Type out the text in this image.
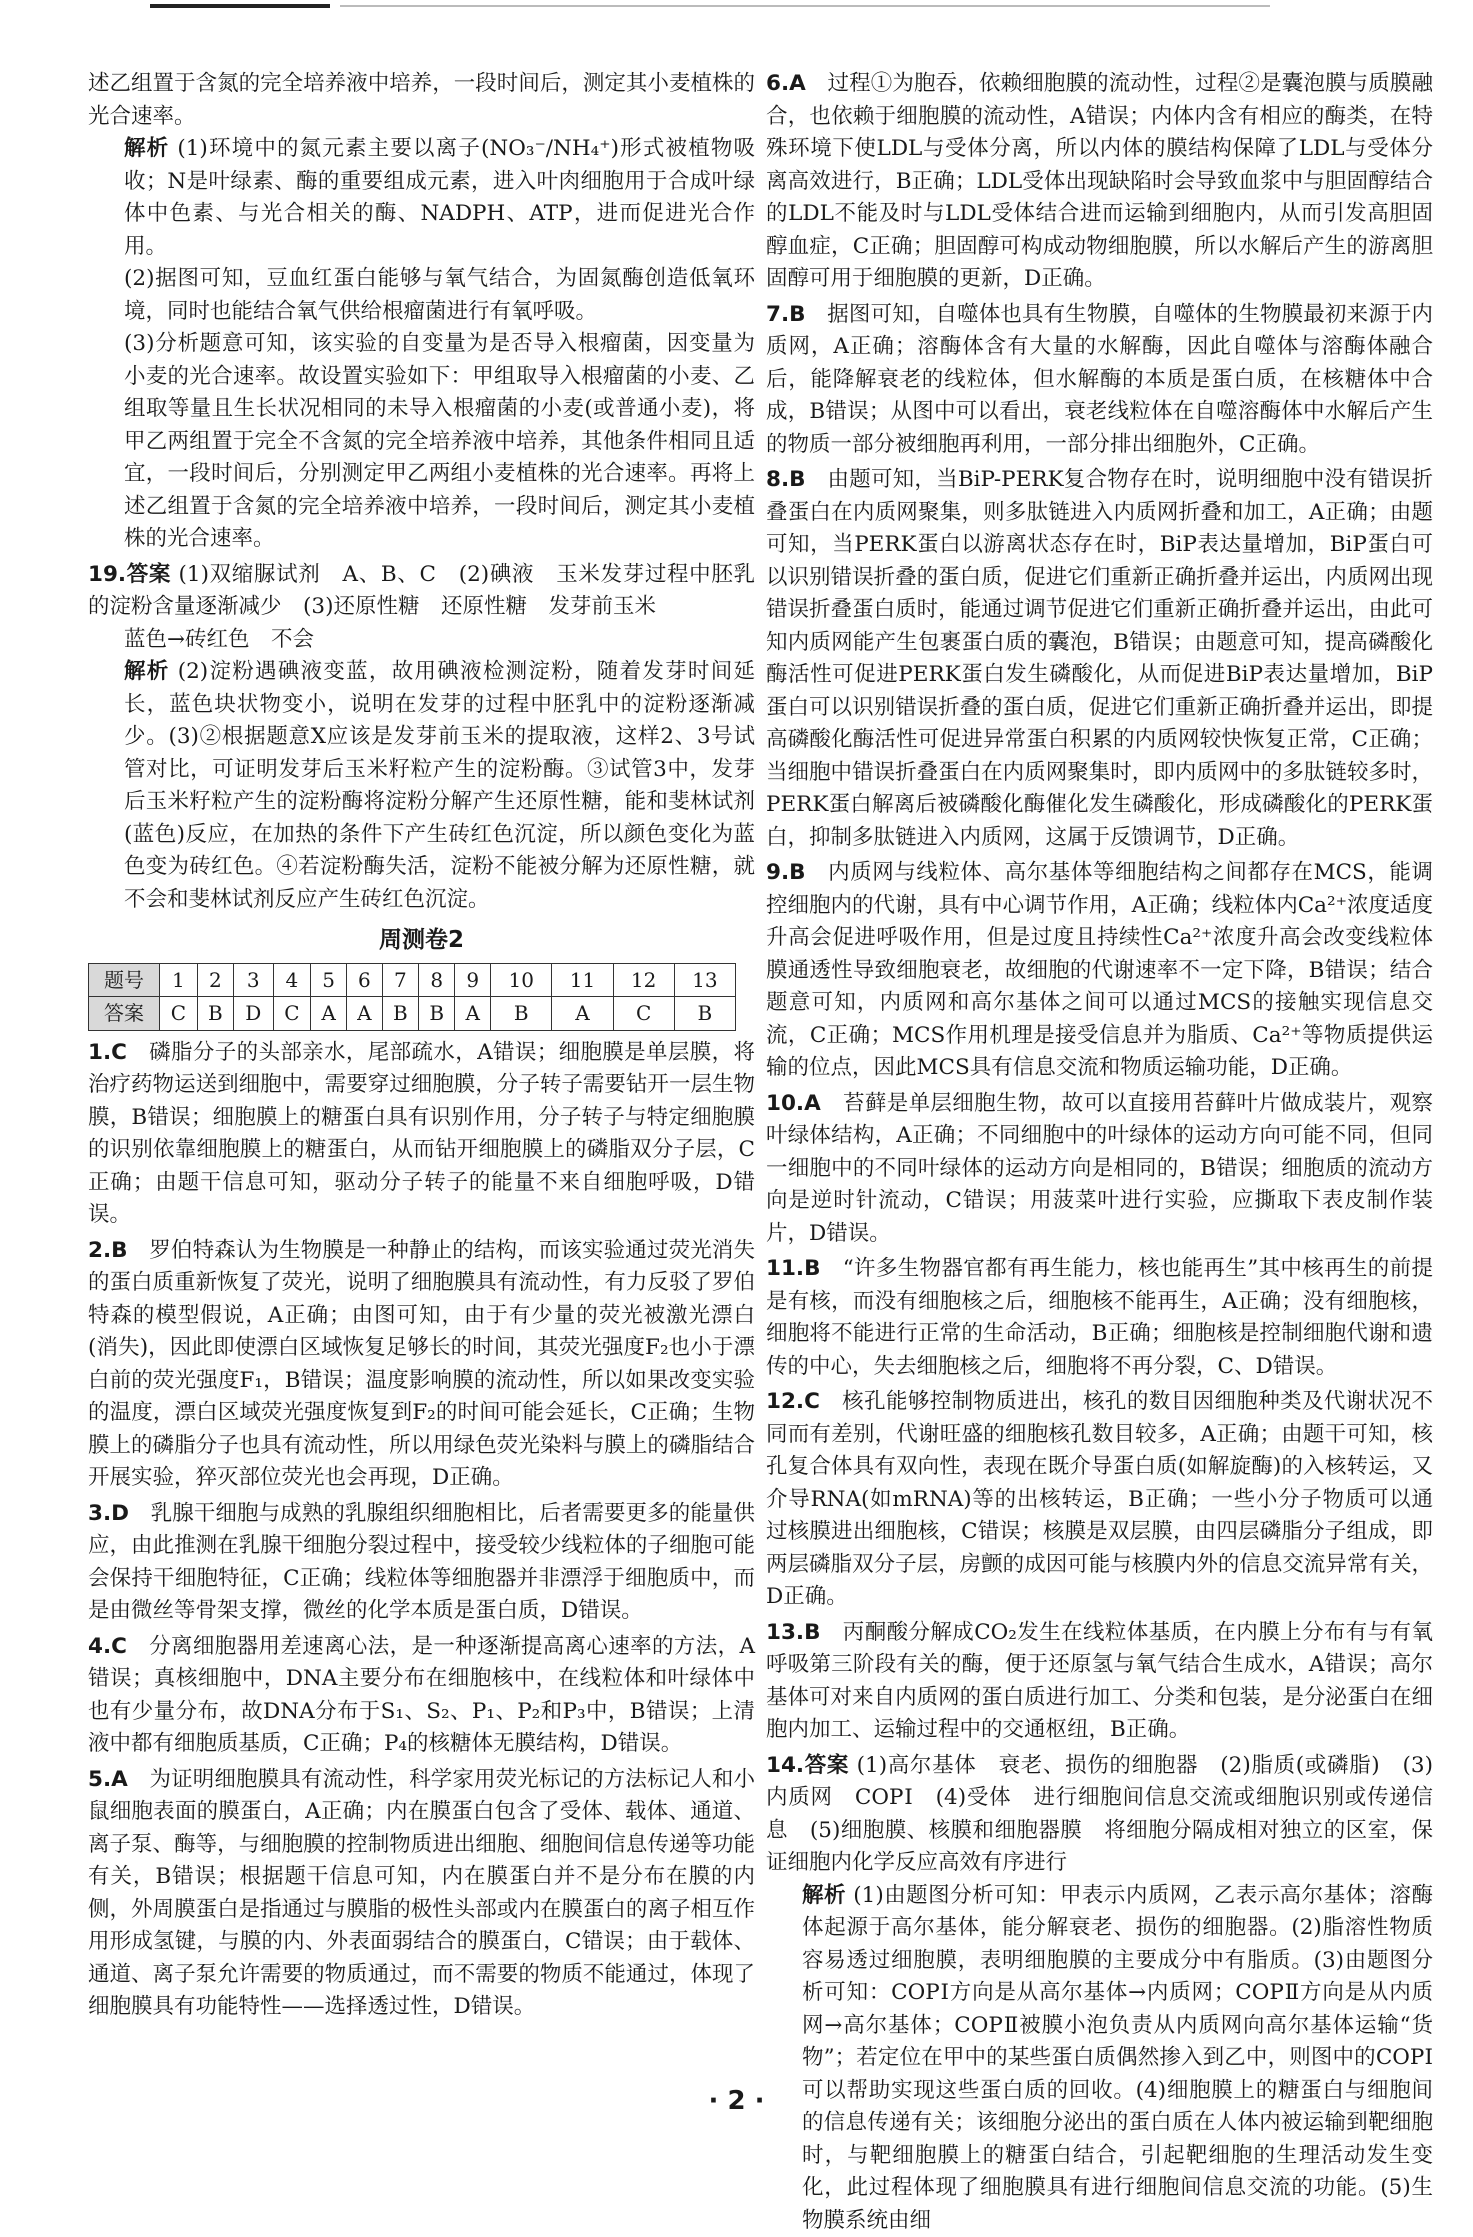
述乙组置于含氮的完全培养液中培养，一段时间后，测定其小麦植株的光合速率。

解析 (1)环境中的氮元素主要以离子(NO₃⁻/NH₄⁺)形式被植物吸收；N是叶绿素、酶的重要组成元素，进入叶肉细胞用于合成叶绿体中色素、与光合相关的酶、NADPH、ATP，进而促进光合作用。

(2)据图可知，豆血红蛋白能够与氧气结合，为固氮酶创造低氧环境，同时也能结合氧气供给根瘤菌进行有氧呼吸。

(3)分析题意可知，该实验的自变量为是否导入根瘤菌，因变量为小麦的光合速率。故设置实验如下：甲组取导入根瘤菌的小麦、乙组取等量且生长状况相同的未导入根瘤菌的小麦(或普通小麦)，将甲乙两组置于完全不含氮的完全培养液中培养，其他条件相同且适宜，一段时间后，分别测定甲乙两组小麦植株的光合速率。再将上述乙组置于含氮的完全培养液中培养，一段时间后，测定其小麦植株的光合速率。

19.答案 (1)双缩脲试剂　A、B、C　(2)碘液　玉米发芽过程中胚乳的淀粉含量逐渐减少　(3)还原性糖　还原性糖　发芽前玉米

蓝色→砖红色　不会

解析 (2)淀粉遇碘液变蓝，故用碘液检测淀粉，随着发芽时间延长，蓝色块状物变小，说明在发芽的过程中胚乳中的淀粉逐渐减少。(3)②根据题意X应该是发芽前玉米的提取液，这样2、3号试管对比，可证明发芽后玉米籽粒产生的淀粉酶。③试管3中，发芽后玉米籽粒产生的淀粉酶将淀粉分解产生还原性糖，能和斐林试剂(蓝色)反应，在加热的条件下产生砖红色沉淀，所以颜色变化为蓝色变为砖红色。④若淀粉酶失活，淀粉不能被分解为还原性糖，就不会和斐林试剂反应产生砖红色沉淀。

周测卷2
题号	1	2	3	4	5	6	7	8	9	10	11	12	13
答案	C	B	D	C	A	A	B	B	A	B	A	C	B

1.C　 磷脂分子的头部亲水，尾部疏水，A错误；细胞膜是单层膜，将治疗药物运送到细胞中，需要穿过细胞膜，分子转子需要钻开一层生物膜，B错误；细胞膜上的糖蛋白具有识别作用，分子转子与特定细胞膜的识别依靠细胞膜上的糖蛋白，从而钻开细胞膜上的磷脂双分子层，C正确；由题干信息可知，驱动分子转子的能量不来自细胞呼吸，D错误。

2.B　 罗伯特森认为生物膜是一种静止的结构，而该实验通过荧光消失的蛋白质重新恢复了荧光，说明了细胞膜具有流动性，有力反驳了罗伯特森的模型假说，A正确；由图可知，由于有少量的荧光被激光漂白(消失)，因此即使漂白区域恢复足够长的时间，其荧光强度F₂也小于漂白前的荧光强度F₁，B错误；温度影响膜的流动性，所以如果改变实验的温度，漂白区域荧光强度恢复到F₂的时间可能会延长，C正确；生物膜上的磷脂分子也具有流动性，所以用绿色荧光染料与膜上的磷脂结合开展实验，猝灭部位荧光也会再现，D正确。

3.D　 乳腺干细胞与成熟的乳腺组织细胞相比，后者需要更多的能量供应，由此推测在乳腺干细胞分裂过程中，接受较少线粒体的子细胞可能会保持干细胞特征，C正确；线粒体等细胞器并非漂浮于细胞质中，而是由微丝等骨架支撑，微丝的化学本质是蛋白质，D错误。

4.C　 分离细胞器用差速离心法，是一种逐渐提高离心速率的方法，A错误；真核细胞中，DNA主要分布在细胞核中，在线粒体和叶绿体中也有少量分布，故DNA分布于S₁、S₂、P₁、P₂和P₃中，B错误；上清液中都有细胞质基质，C正确；P₄的核糖体无膜结构，D错误。

5.A　 为证明细胞膜具有流动性，科学家用荧光标记的方法标记人和小鼠细胞表面的膜蛋白，A正确；内在膜蛋白包含了受体、载体、通道、离子泵、酶等，与细胞膜的控制物质进出细胞、细胞间信息传递等功能有关，B错误；根据题干信息可知，内在膜蛋白并不是分布在膜的内侧，外周膜蛋白是指通过与膜脂的极性头部或内在膜蛋白的离子相互作用形成氢键，与膜的内、外表面弱结合的膜蛋白，C错误；由于载体、通道、离子泵允许需要的物质通过，而不需要的物质不能通过，体现了细胞膜具有功能特性——选择透过性，D错误。

6.A　 过程①为胞吞，依赖细胞膜的流动性，过程②是囊泡膜与质膜融合，也依赖于细胞膜的流动性，A错误；内体内含有相应的酶类，在特殊环境下使LDL与受体分离，所以内体的膜结构保障了LDL与受体分离高效进行，B正确；LDL受体出现缺陷时会导致血浆中与胆固醇结合的LDL不能及时与LDL受体结合进而运输到细胞内，从而引发高胆固醇血症，C正确；胆固醇可构成动物细胞膜，所以水解后产生的游离胆固醇可用于细胞膜的更新，D正确。

7.B　 据图可知，自噬体也具有生物膜，自噬体的生物膜最初来源于内质网，A正确；溶酶体含有大量的水解酶，因此自噬体与溶酶体融合后，能降解衰老的线粒体，但水解酶的本质是蛋白质，在核糖体中合成，B错误；从图中可以看出，衰老线粒体在自噬溶酶体中水解后产生的物质一部分被细胞再利用，一部分排出细胞外，C正确。

8.B　 由题可知，当BiP-PERK复合物存在时，说明细胞中没有错误折叠蛋白在内质网聚集，则多肽链进入内质网折叠和加工，A正确；由题可知，当PERK蛋白以游离状态存在时，BiP表达量增加，BiP蛋白可以识别错误折叠的蛋白质，促进它们重新正确折叠并运出，内质网出现错误折叠蛋白质时，能通过调节促进它们重新正确折叠并运出，由此可知内质网能产生包裹蛋白质的囊泡，B错误；由题意可知，提高磷酸化酶活性可促进PERK蛋白发生磷酸化，从而促进BiP表达量增加，BiP蛋白可以识别错误折叠的蛋白质，促进它们重新正确折叠并运出，即提高磷酸化酶活性可促进异常蛋白积累的内质网较快恢复正常，C正确；当细胞中错误折叠蛋白在内质网聚集时，即内质网中的多肽链较多时，PERK蛋白解离后被磷酸化酶催化发生磷酸化，形成磷酸化的PERK蛋白，抑制多肽链进入内质网，这属于反馈调节，D正确。

9.B　 内质网与线粒体、高尔基体等细胞结构之间都存在MCS，能调控细胞内的代谢，具有中心调节作用，A正确；线粒体内Ca²⁺浓度适度升高会促进呼吸作用，但是过度且持续性Ca²⁺浓度升高会改变线粒体膜通透性导致细胞衰老，故细胞的代谢速率不一定下降，B错误；结合题意可知，内质网和高尔基体之间可以通过MCS的接触实现信息交流，C正确；MCS作用机理是接受信息并为脂质、Ca²⁺等物质提供运输的位点，因此MCS具有信息交流和物质运输功能，D正确。

10.A　 苔藓是单层细胞生物，故可以直接用苔藓叶片做成装片，观察叶绿体结构，A正确；不同细胞中的叶绿体的运动方向可能不同，但同一细胞中的不同叶绿体的运动方向是相同的，B错误；细胞质的流动方向是逆时针流动，C错误；用菠菜叶进行实验，应撕取下表皮制作装片，D错误。

11.B　 “许多生物器官都有再生能力，核也能再生”其中核再生的前提是有核，而没有细胞核之后，细胞核不能再生，A正确；没有细胞核，细胞将不能进行正常的生命活动，B正确；细胞核是控制细胞代谢和遗传的中心，失去细胞核之后，细胞将不再分裂，C、D错误。

12.C　 核孔能够控制物质进出，核孔的数目因细胞种类及代谢状况不同而有差别，代谢旺盛的细胞核孔数目较多，A正确；由题干可知，核孔复合体具有双向性，表现在既介导蛋白质(如解旋酶)的入核转运，又介导RNA(如mRNA)等的出核转运，B正确；一些小分子物质可以通过核膜进出细胞核，C错误；核膜是双层膜，由四层磷脂分子组成，即两层磷脂双分子层，房颤的成因可能与核膜内外的信息交流异常有关，D正确。

13.B　 丙酮酸分解成CO₂发生在线粒体基质，在内膜上分布有与有氧呼吸第三阶段有关的酶，便于还原氢与氧气结合生成水，A错误；高尔基体可对来自内质网的蛋白质进行加工、分类和包装，是分泌蛋白在细胞内加工、运输过程中的交通枢纽，B正确。

14.答案 (1)高尔基体　衰老、损伤的细胞器　(2)脂质(或磷脂)　(3)内质网　COPⅠ　(4)受体　进行细胞间信息交流或细胞识别或传递信息　(5)细胞膜、核膜和细胞器膜　将细胞分隔成相对独立的区室，保证细胞内化学反应高效有序进行

解析 (1)由题图分析可知：甲表示内质网，乙表示高尔基体；溶酶体起源于高尔基体，能分解衰老、损伤的细胞器。(2)脂溶性物质容易透过细胞膜，表明细胞膜的主要成分中有脂质。(3)由题图分析可知：COPⅠ方向是从高尔基体→内质网；COPⅡ方向是从内质网→高尔基体；COPⅡ被膜小泡负责从内质网向高尔基体运输“货物”；若定位在甲中的某些蛋白质偶然掺入到乙中，则图中的COPⅠ可以帮助实现这些蛋白质的回收。(4)细胞膜上的糖蛋白与细胞间的信息传递有关；该细胞分泌出的蛋白质在人体内被运输到靶细胞时，与靶细胞膜上的糖蛋白结合，引起靶细胞的生理活动发生变化，此过程体现了细胞膜具有进行细胞间信息交流的功能。(5)生物膜系统由细

· 2 ·
